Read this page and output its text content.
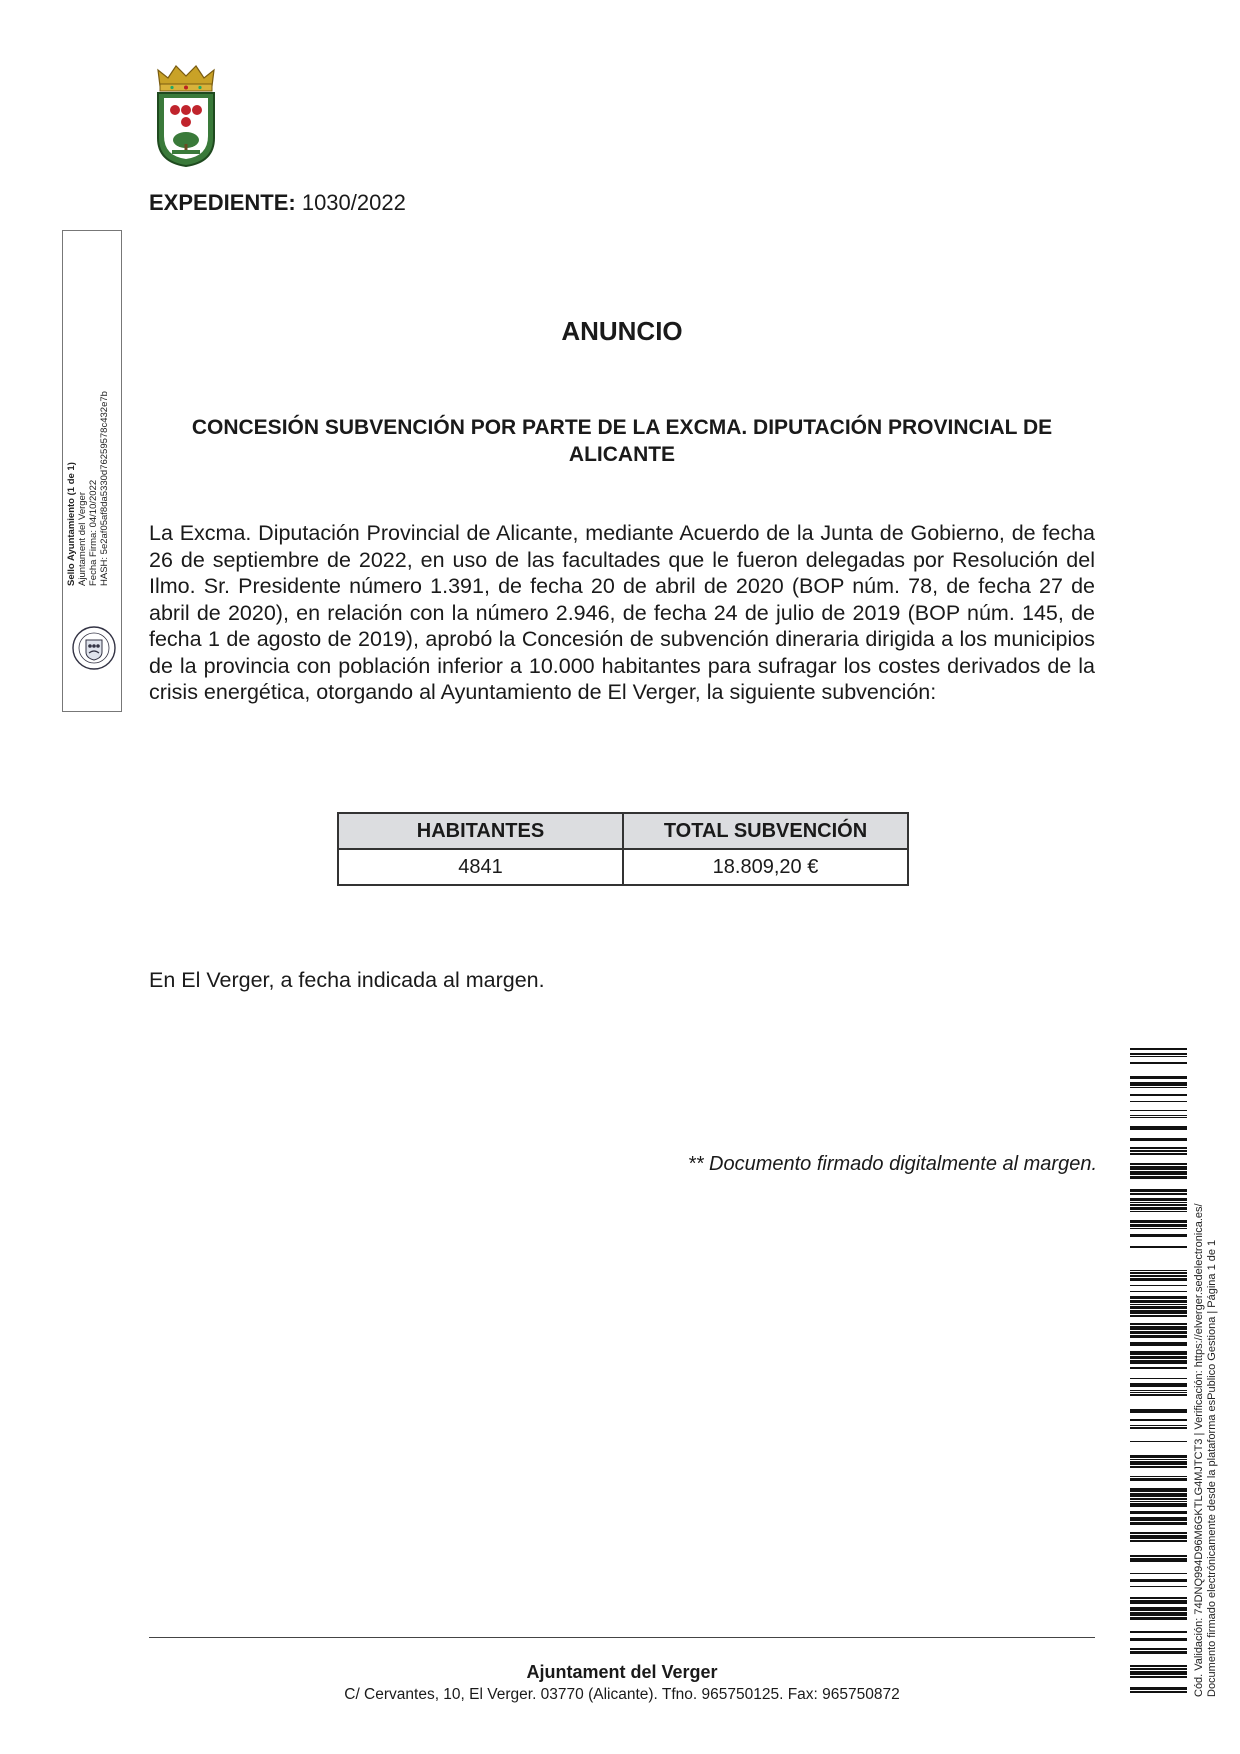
EXPEDIENTE: 1030/2022
Sello Ayuntamiento (1 de 1) Ajuntament del Verger Fecha Firma: 04/10/2022 HASH: 5e2af05af8da5330d76259578c432e7b
ANUNCIO
CONCESIÓN SUBVENCIÓN POR PARTE DE LA EXCMA. DIPUTACIÓN PROVINCIAL DE ALICANTE
La Excma. Diputación Provincial de Alicante, mediante Acuerdo de la Junta de Gobierno, de fecha 26 de septiembre de 2022, en uso de las facultades que le fueron delegadas por Resolución del Ilmo. Sr. Presidente número 1.391, de fecha 20 de abril de 2020 (BOP núm. 78, de fecha 27 de abril de 2020), en relación con la número 2.946, de fecha 24 de julio de 2019 (BOP núm. 145, de fecha 1 de agosto de 2019), aprobó la Concesión de subvención dineraria dirigida a los municipios de la provincia con población inferior a 10.000 habitantes para sufragar los costes derivados de la crisis energética, otorgando al Ayuntamiento de El Verger, la siguiente subvención:
HABITANTES	TOTAL SUBVENCIÓN
4841	18.809,20 €
En El Verger, a fecha indicada al margen.
** Documento firmado digitalmente al margen.
Ajuntament del Verger
C/ Cervantes, 10, El Verger. 03770 (Alicante). Tfno. 965750125. Fax: 965750872	Cód. Validación: 74DNQ994D96M6GKTLG4MJTCT3 | Verificación: https://elverger.sedelectronica.es/ Documento firmado electrónicamente desde la plataforma esPublico Gestiona | Página 1 de 1
